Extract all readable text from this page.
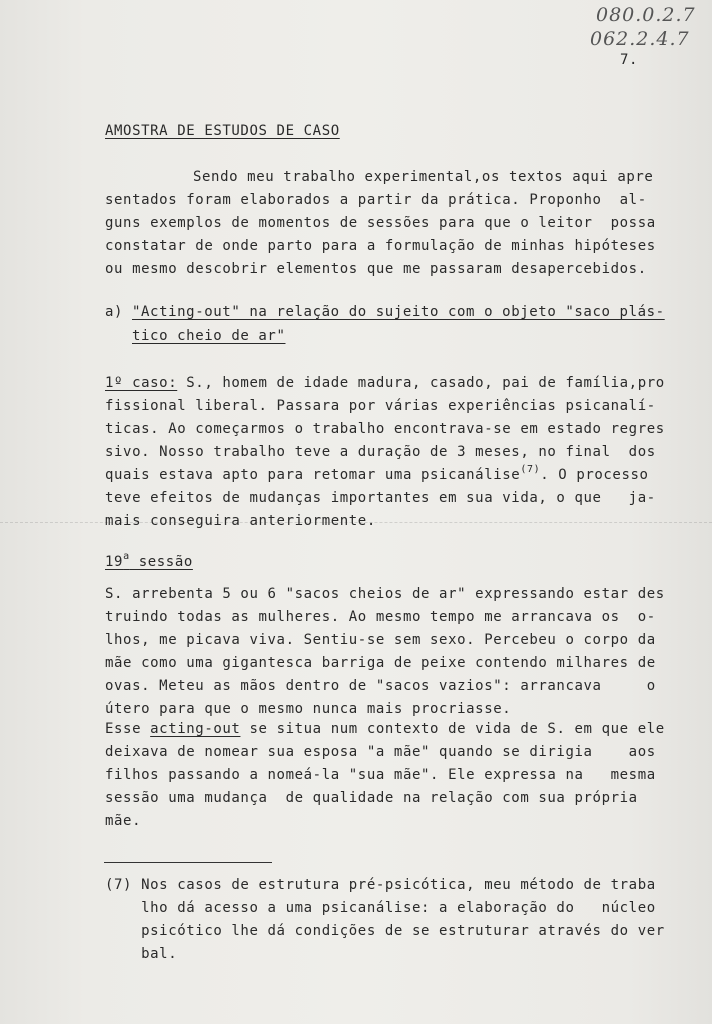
080.0.2.7
062.2.4.7
7.
AMOSTRA DE ESTUDOS DE CASO
Sendo meu trabalho experimental,os textos aqui apre
sentados foram elaborados a partir da prática. Proponho  al-
guns exemplos de momentos de sessões para que o leitor  possa
constatar de onde parto para a formulação de minhas hipóteses
ou mesmo descobrir elementos que me passaram desapercebidos.
a) "Acting-out" na relação do sujeito com o objeto "saco plás-
tico cheio de ar"
1º caso: S., homem de idade madura, casado, pai de família,pro
fissional liberal. Passara por várias experiências psicanalí-
ticas. Ao começarmos o trabalho encontrava-se em estado regres
sivo. Nosso trabalho teve a duração de 3 meses, no final  dos
quais estava apto para retomar uma psicanálise$^{(7)}$. O processo
teve efeitos de mudanças importantes em sua vida, o que   ja-
mais conseguira anteriormente.
19$^a$ sessão
S. arrebenta 5 ou 6 "sacos cheios de ar" expressando estar des
truindo todas as mulheres. Ao mesmo tempo me arrancava os  o-
lhos, me picava viva. Sentiu-se sem sexo. Percebeu o corpo da
mãe como uma gigantesca barriga de peixe contendo milhares de
ovas. Meteu as mãos dentro de "sacos vazios": arrancava     o
útero para que o mesmo nunca mais procriasse.
Esse acting-out se situa num contexto de vida de S. em que ele
deixava de nomear sua esposa "a mãe" quando se dirigia    aos
filhos passando a nomeá-la "sua mãe". Ele expressa na   mesma
sessão uma mudança  de qualidade na relação com sua própria
mãe.
(7) Nos casos de estrutura pré-psicótica, meu método de traba
lho dá acesso a uma psicanálise: a elaboração do   núcleo
psicótico lhe dá condições de se estruturar através do ver
bal.
